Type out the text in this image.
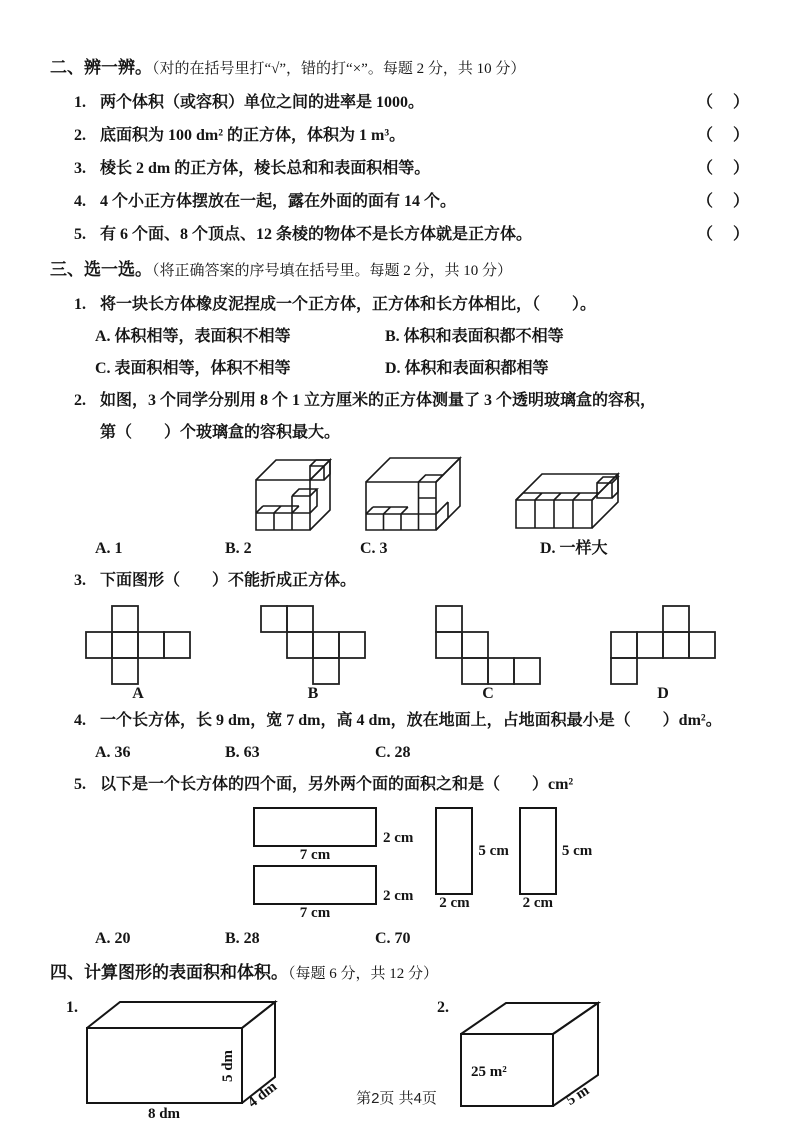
二、辨一辨。（对的在括号里打“√”，错的打“×”。每题 2 分，共 10 分）
1. 两个体积（或容积）单位之间的进率是 1000。	（　）
2. 底面积为 100 dm² 的正方体，体积为 1 m³。	（　）
3. 棱长 2 dm 的正方体，棱长总和和表面积相等。	（　）
4. 4 个小正方体摆放在一起，露在外面的面有 14 个。	（　）
5. 有 6 个面、8 个顶点、12 条棱的物体不是长方体就是正方体。	（　）
三、选一选。（将正确答案的序号填在括号里。每题 2 分，共 10 分）
1. 将一块长方体橡皮泥捏成一个正方体，正方体和长方体相比，（　　）。
A. 体积相等，表面积不相等	B. 体积和表面积都不相等
C. 表面积相等，体积不相等	D. 体积和表面积都相等
2. 如图，3 个同学分别用 8 个 1 立方厘米的正方体测量了 3 个透明玻璃盒的容积，
第（　　）个玻璃盒的容积最大。
A. 1	B. 2	C. 3	D. 一样大
3. 下面图形（　　）不能折成正方体。
A	B	C	D
4. 一个长方体，长 9 dm，宽 7 dm，高 4 dm，放在地面上，占地面积最小是（　　）dm²。
A. 36	B. 63	C. 28
5. 以下是一个长方体的四个面，另外两个面的面积之和是（　　）cm²
2 cm
7 cm
2 cm
7 cm
5 cm
2 cm
5 cm
2 cm
A. 20	B. 28	C. 70
四、计算图形的表面积和体积。（每题 6 分，共 12 分）
1.
8 dm
4 dm
5 dm
2.
25 m²
5 m
第2页 共4页
